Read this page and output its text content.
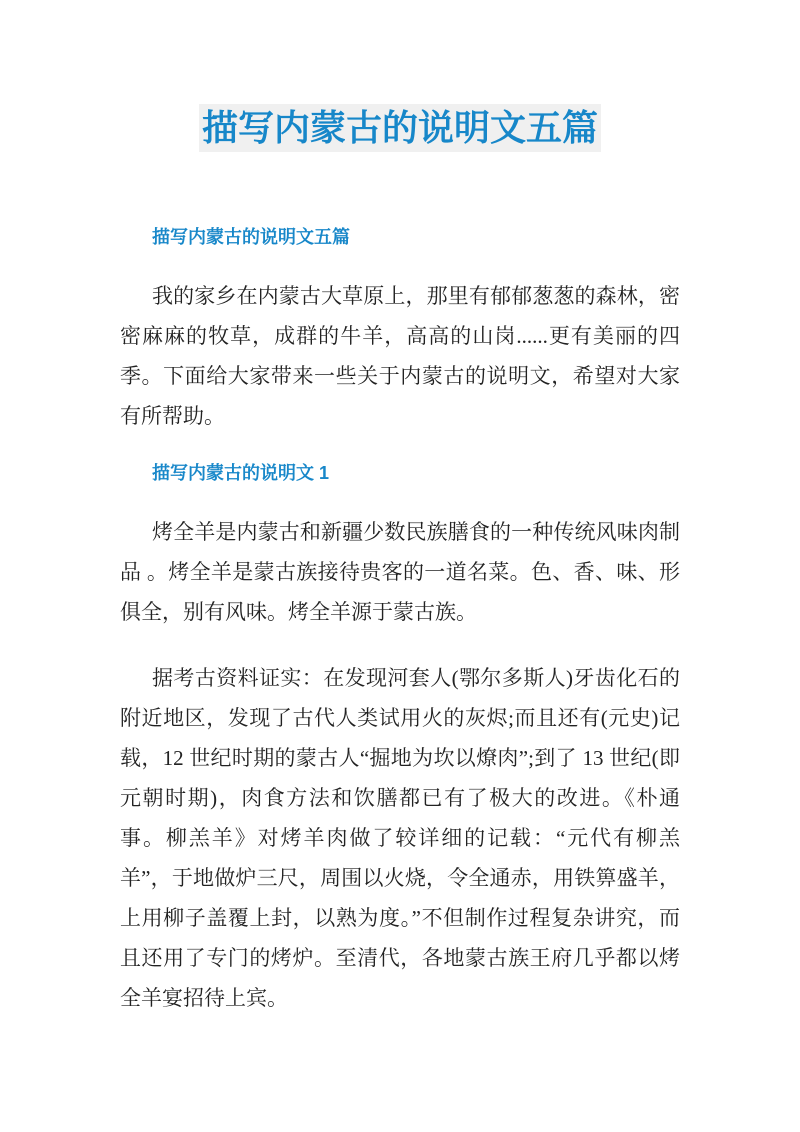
描写内蒙古的说明文五篇
描写内蒙古的说明文五篇

我的家乡在内蒙古大草原上，那里有郁郁葱葱的森林，密密麻麻的牧草，成群的牛羊，高高的山岗......更有美丽的四季。下面给大家带来一些关于内蒙古的说明文，希望对大家有所帮助。

描写内蒙古的说明文 1

烤全羊是内蒙古和新疆少数民族膳食的一种传统风味肉制品 。烤全羊是蒙古族接待贵客的一道名菜。色、香、味、形俱全，别有风味。烤全羊源于蒙古族。

据考古资料证实：在发现河套人(鄂尔多斯人)牙齿化石的附近地区，发现了古代人类试用火的灰烬;而且还有(元史)记载，12 世纪时期的蒙古人“掘地为坎以燎肉”;到了 13 世纪(即元朝时期)，肉食方法和饮膳都已有了极大的改进。《朴通事。柳羔羊》对烤羊肉做了较详细的记载：“元代有柳羔羊”，于地做炉三尺，周围以火烧，令全通赤，用铁箅盛羊，上用柳子盖覆上封，以熟为度。”不但制作过程复杂讲究，而且还用了专门的烤炉。至清代，各地蒙古族王府几乎都以烤全羊宴招待上宾。
